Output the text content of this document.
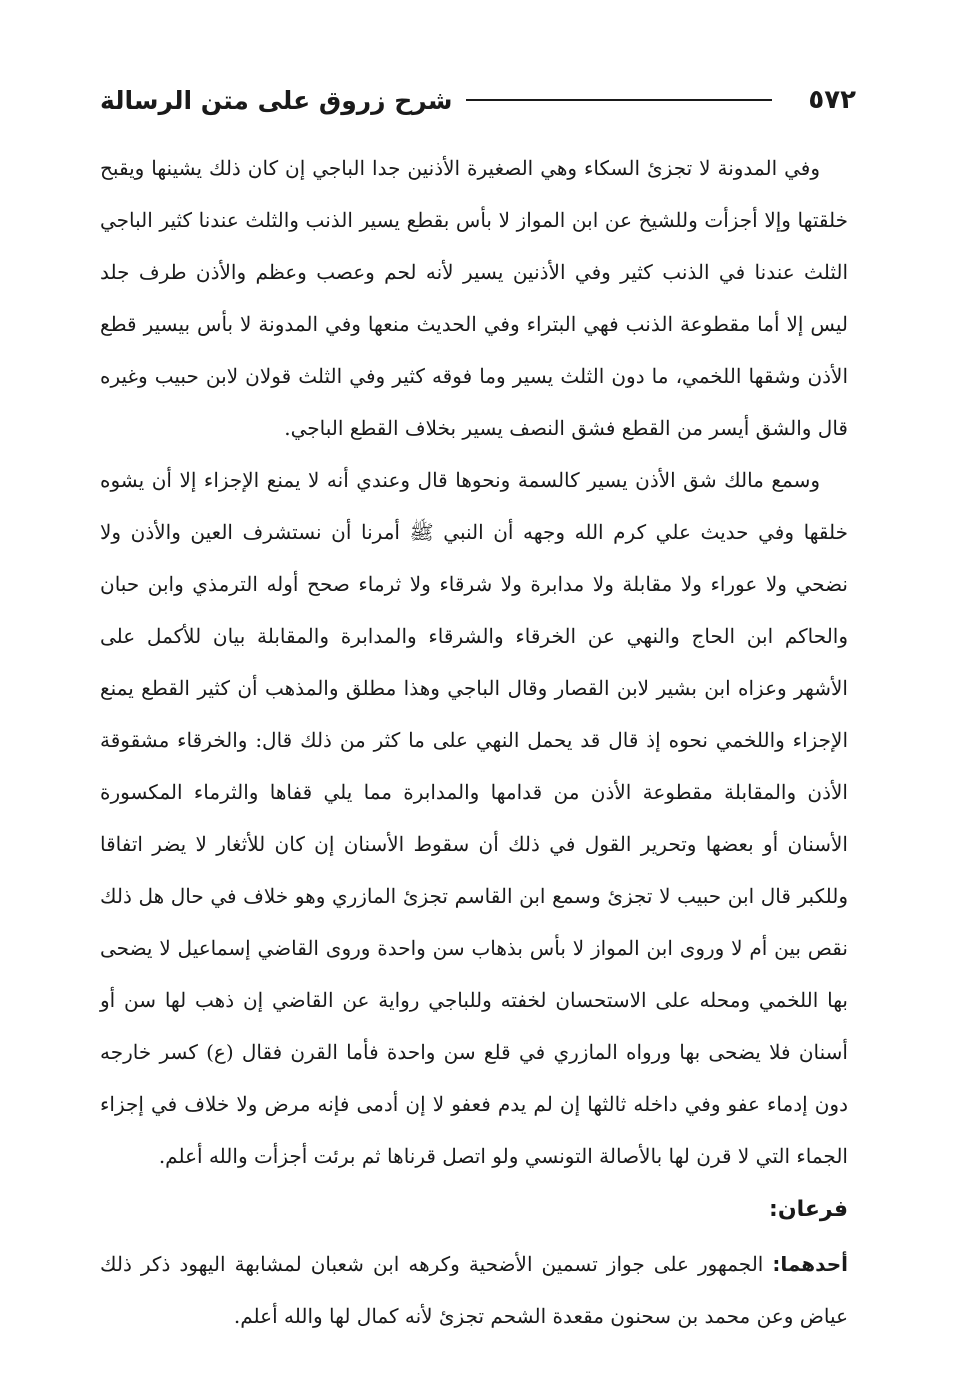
٥٧٢
شرح زروق على متن الرسالة

وفي المدونة لا تجزئ السكاء وهي الصغيرة الأذنين جدا الباجي إن كان ذلك يشينها ويقبح خلقتها وإلا أجزأت وللشيخ عن ابن المواز لا بأس بقطع يسير الذنب والثلث عندنا كثير الباجي الثلث عندنا في الذنب كثير وفي الأذنين يسير لأنه لحم وعصب وعظم والأذن طرف جلد ليس إلا أما مقطوعة الذنب فهي البتراء وفي الحديث منعها وفي المدونة لا بأس بيسير قطع الأذن وشقها اللخمي، ما دون الثلث يسير وما فوقه كثير وفي الثلث قولان لابن حبيب وغيره قال والشق أيسر من القطع فشق النصف يسير بخلاف القطع الباجي.

وسمع مالك شق الأذن يسير كالسمة ونحوها قال وعندي أنه لا يمنع الإجزاء إلا أن يشوه خلقها وفي حديث علي كرم الله وجهه أن النبي ﷺ أمرنا أن نستشرف العين والأذن ولا نضحي ولا عوراء ولا مقابلة ولا مدابرة ولا شرقاء ولا ثرماء صحح أوله الترمذي وابن حبان والحاكم ابن الحاج والنهي عن الخرقاء والشرقاء والمدابرة والمقابلة بيان للأكمل على الأشهر وعزاه ابن بشير لابن القصار وقال الباجي وهذا مطلق والمذهب أن كثير القطع يمنع الإجزاء واللخمي نحوه إذ قال قد يحمل النهي على ما كثر من ذلك قال: والخرقاء مشقوقة الأذن والمقابلة مقطوعة الأذن من قدامها والمدابرة مما يلي قفاها والثرماء المكسورة الأسنان أو بعضها وتحرير القول في ذلك أن سقوط الأسنان إن كان للأثغار لا يضر اتفاقا وللكبر قال ابن حبيب لا تجزئ وسمع ابن القاسم تجزئ المازري وهو خلاف في حال هل ذلك نقص بين أم لا وروى ابن المواز لا بأس بذهاب سن واحدة وروى القاضي إسماعيل لا يضحى بها اللخمي ومحله على الاستحسان لخفته وللباجي رواية عن القاضي إن ذهب لها سن أو أسنان فلا يضحى بها ورواه المازري في قلع سن واحدة فأما القرن فقال (ع) كسر خارجه دون إدماء عفو وفي داخله ثالثها إن لم يدم فعفو لا إن أدمى فإنه مرض ولا خلاف في إجزاء الجماء التي لا قرن لها بالأصالة التونسي ولو اتصل قرناها ثم برئت أجزأت والله أعلم.

فرعان:

أحدهما: الجمهور على جواز تسمين الأضحية وكرهه ابن شعبان لمشابهة اليهود ذكر ذلك عياض وعن محمد بن سحنون مقعدة الشحم تجزئ لأنه كمال لها والله أعلم.
